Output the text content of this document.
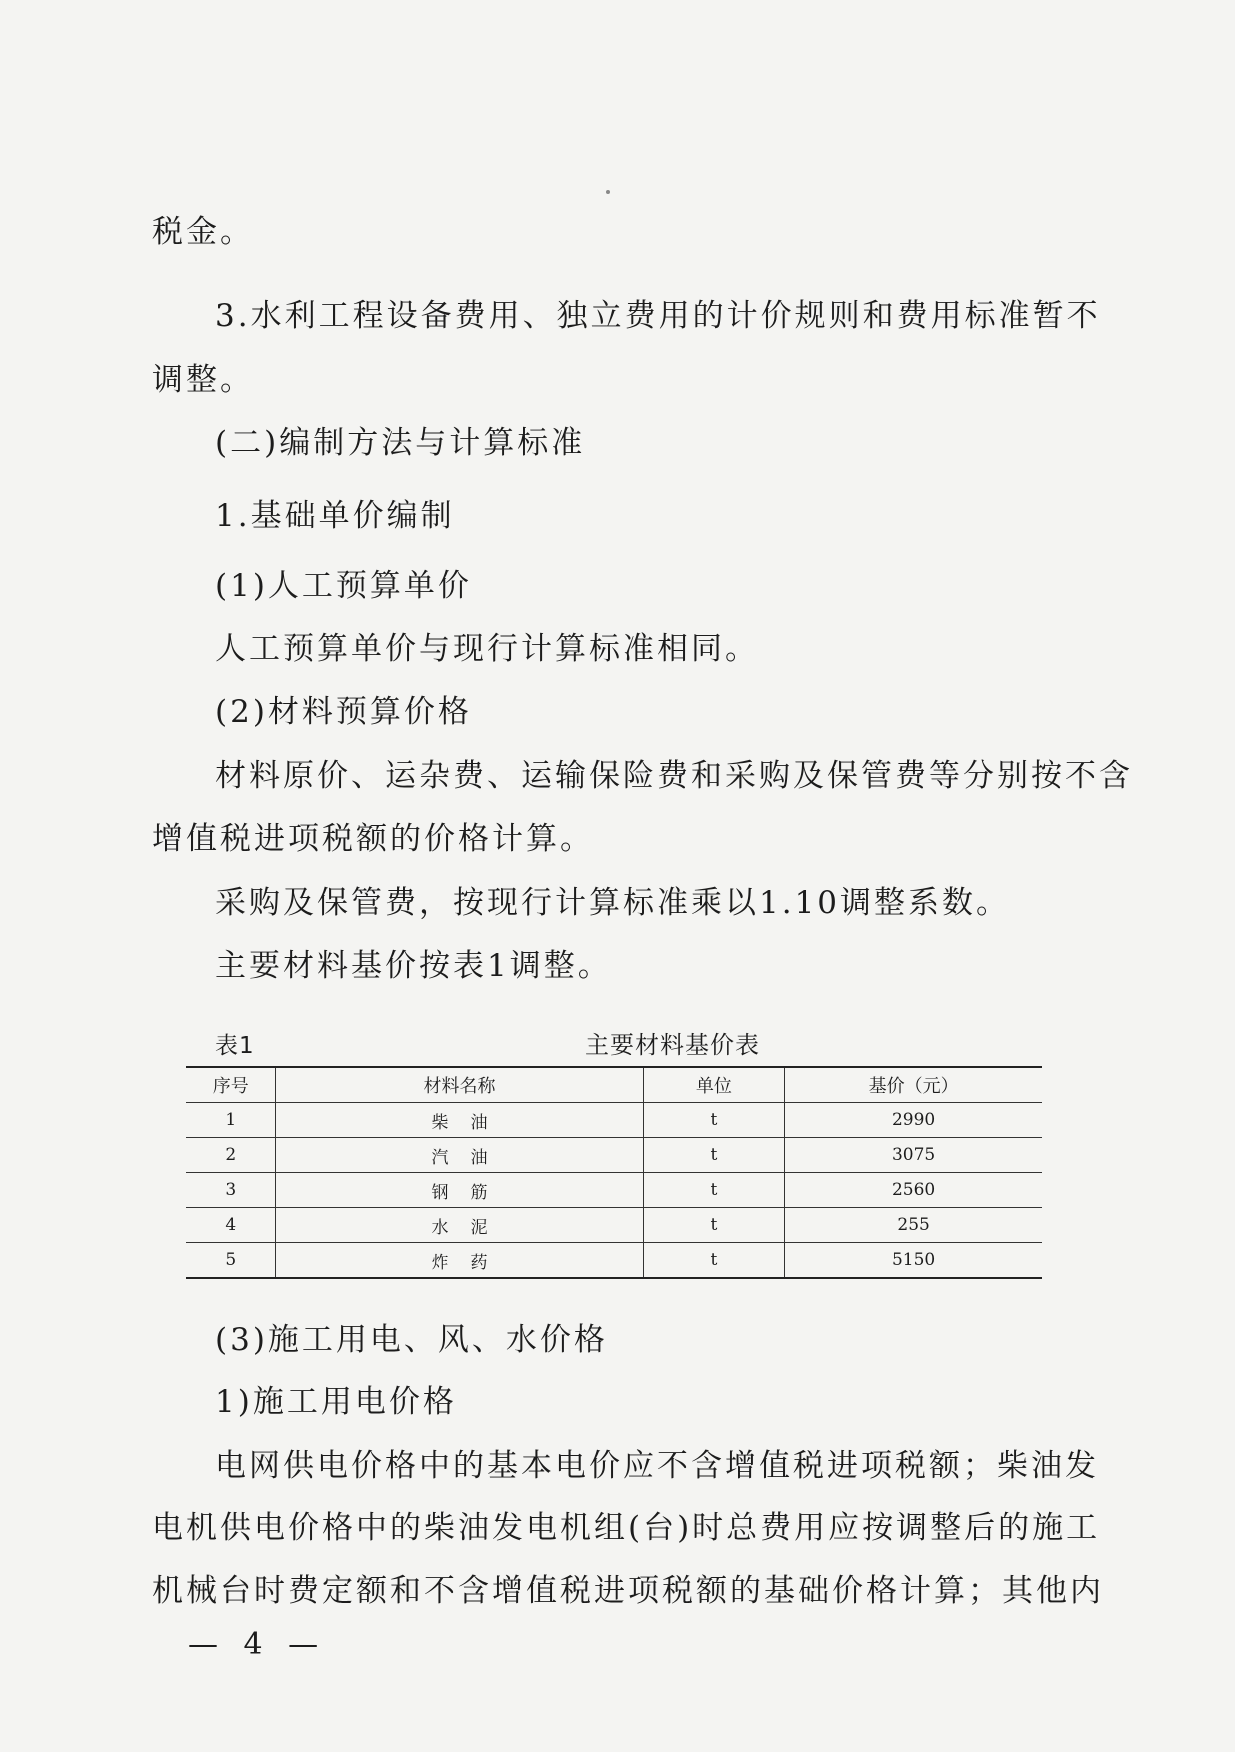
税金。
3.水利工程设备费用、独立费用的计价规则和费用标准暂不
调整。
(二)编制方法与计算标准
1.基础单价编制
(1)人工预算单价
人工预算单价与现行计算标准相同。
(2)材料预算价格
材料原价、运杂费、运输保险费和采购及保管费等分别按不含
增值税进项税额的价格计算。
采购及保管费，按现行计算标准乘以1.10调整系数。
主要材料基价按表1调整。
表1	主要材料基价表
序号	材料名称	单位	基价（元）
1	柴油	t	2990
2	汽油	t	3075
3	钢筋	t	2560
4	水泥	t	255
5	炸药	t	5150
(3)施工用电、风、水价格
1)施工用电价格
电网供电价格中的基本电价应不含增值税进项税额；柴油发
电机供电价格中的柴油发电机组(台)时总费用应按调整后的施工
机械台时费定额和不含增值税进项税额的基础价格计算；其他内
— 4 —
